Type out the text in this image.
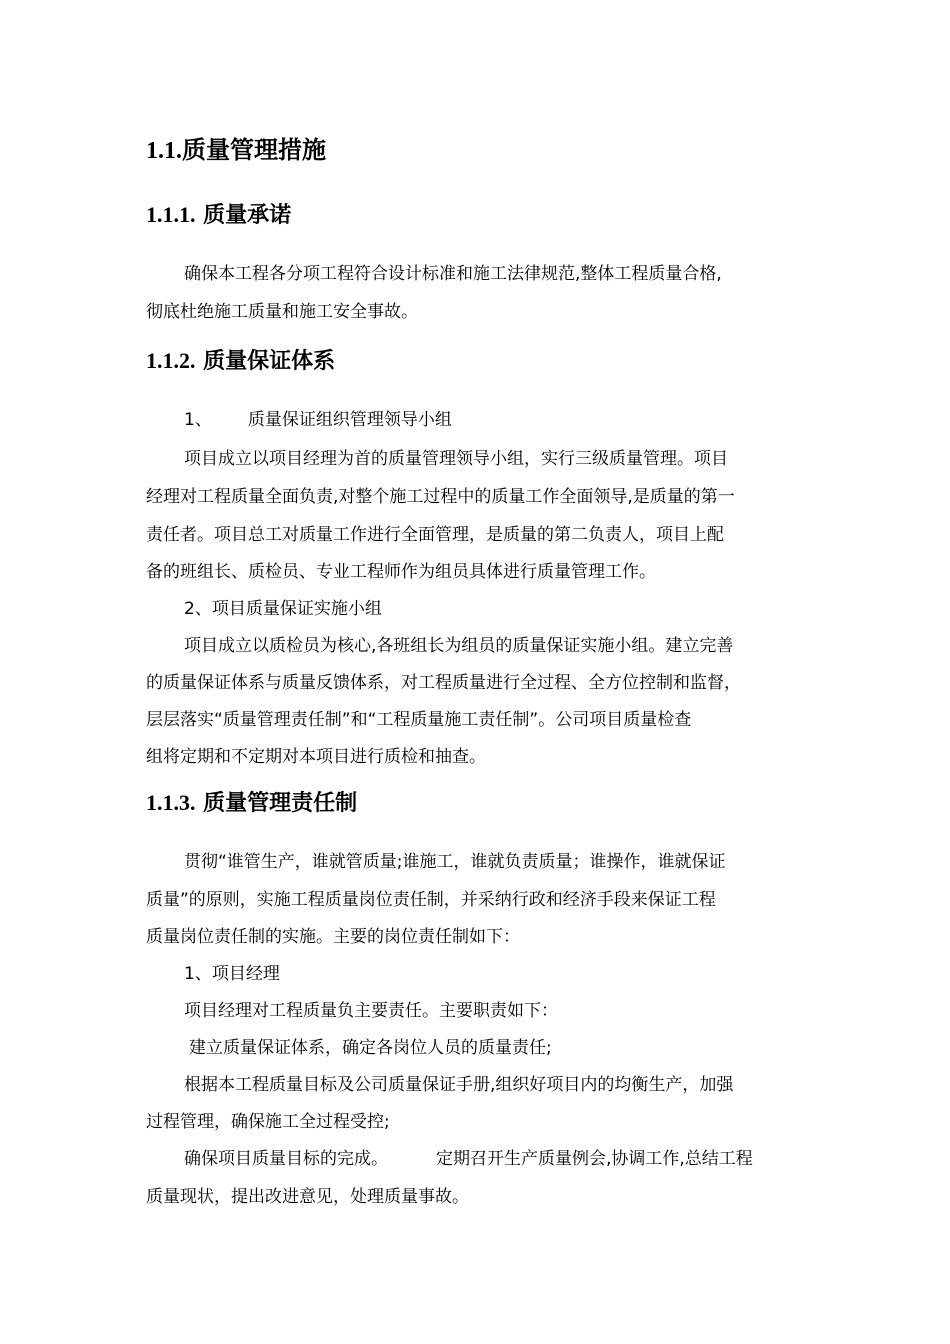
1.1.质量管理措施
1.1.1. 质量承诺
确保本工程各分项工程符合设计标准和施工法律规范,整体工程质量合格,
彻底杜绝施工质量和施工安全事故。
1.1.2. 质量保证体系
1、 质量保证组织管理领导小组
项目成立以项目经理为首的质量管理领导小组，实行三级质量管理。项目
经理对工程质量全面负责,对整个施工过程中的质量工作全面领导,是质量的第一
责任者。项目总工对质量工作进行全面管理，是质量的第二负责人，项目上配
备的班组长、质检员、专业工程师作为组员具体进行质量管理工作。
2、项目质量保证实施小组
项目成立以质检员为核心,各班组长为组员的质量保证实施小组。建立完善
的质量保证体系与质量反馈体系，对工程质量进行全过程、全方位控制和监督，
层层落实“质量管理责任制”和“工程质量施工责任制”。公司项目质量检查
组将定期和不定期对本项目进行质检和抽查。
1.1.3. 质量管理责任制
贯彻“谁管生产，谁就管质量;谁施工，谁就负责质量；谁操作，谁就保证
质量”的原则，实施工程质量岗位责任制，并采纳行政和经济手段来保证工程
质量岗位责任制的实施。主要的岗位责任制如下：
1、项目经理
项目经理对工程质量负主要责任。主要职责如下：
建立质量保证体系，确定各岗位人员的质量责任;
根据本工程质量目标及公司质量保证手册,组织好项目内的均衡生产，加强
过程管理，确保施工全过程受控;
确保项目质量目标的完成。	定期召开生产质量例会,协调工作,总结工程
质量现状，提出改进意见，处理质量事故。
